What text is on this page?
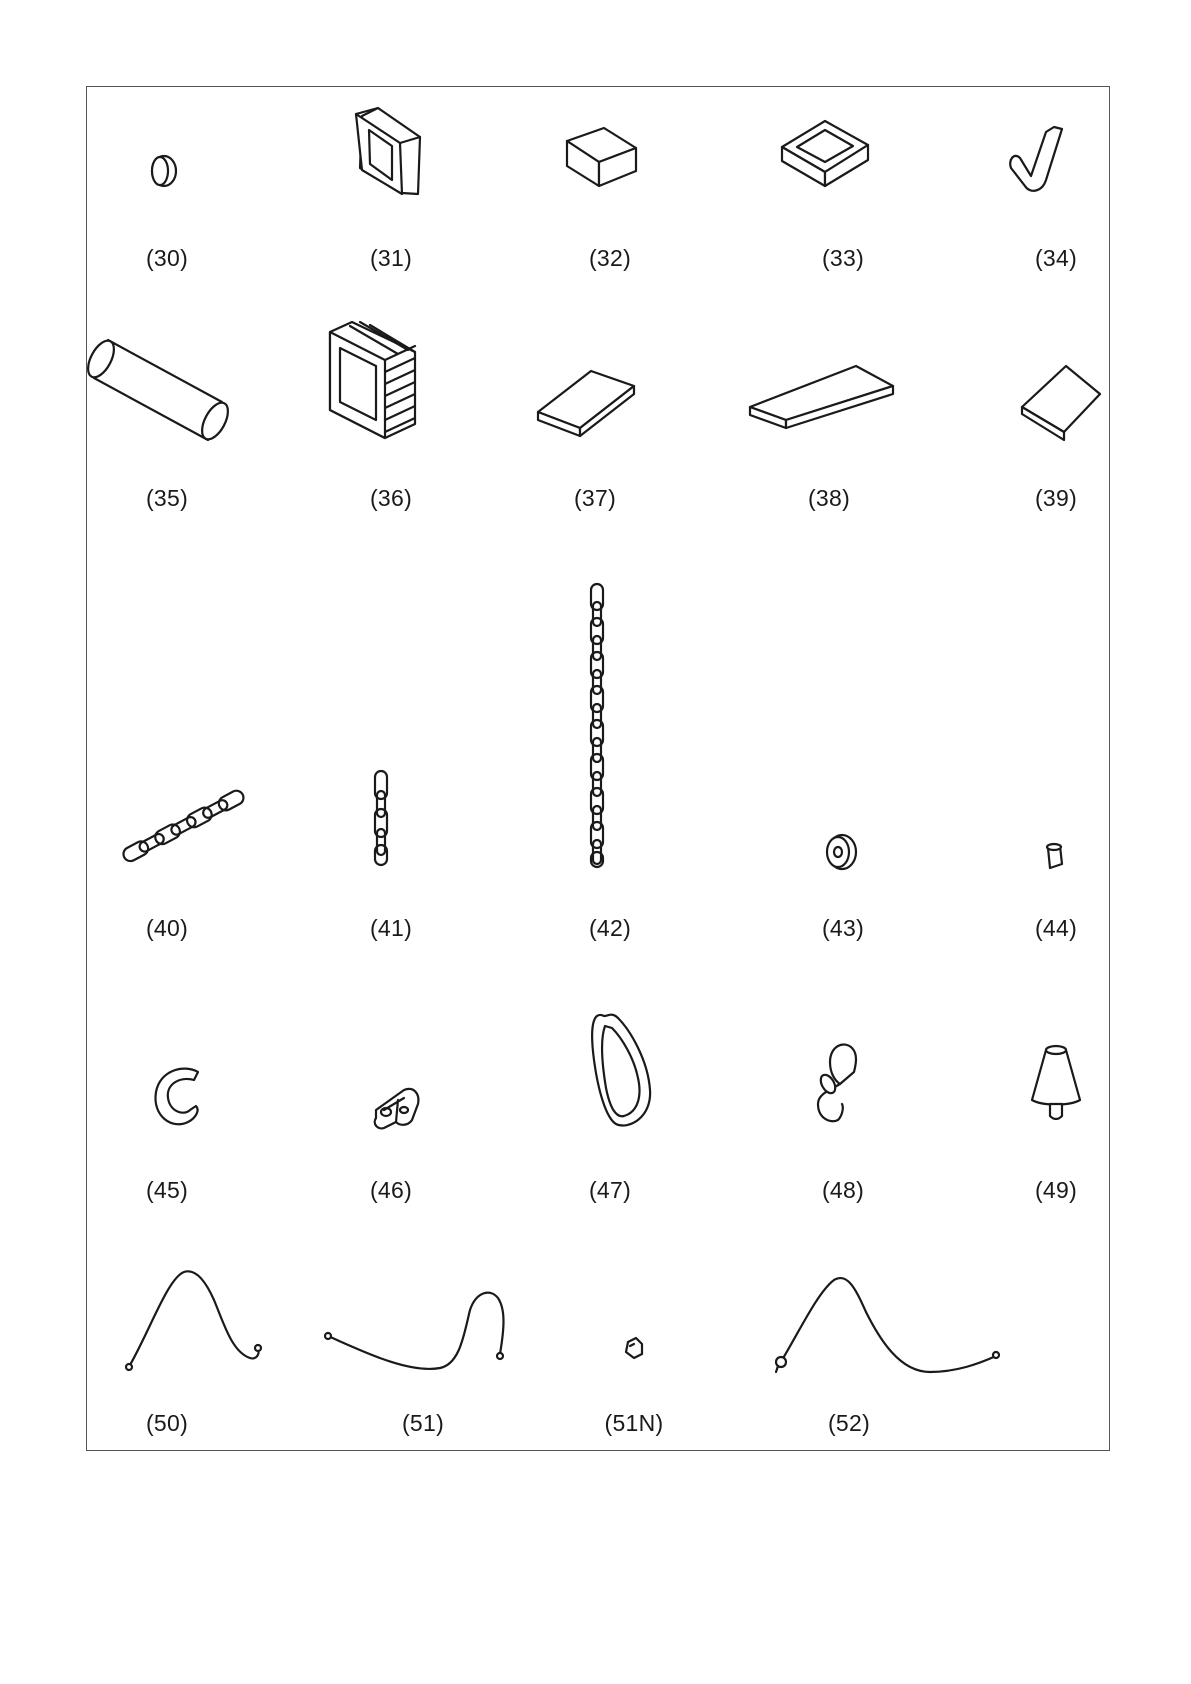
(30)	(31)	(32)	(33)	(34)
(35)	(36)	(37)	(38)	(39)
(40)	(41)	(42)	(43)	(44)
(45)	(46)	(47)	(48)	(49)
(50)	(51)	(51N)	(52)
